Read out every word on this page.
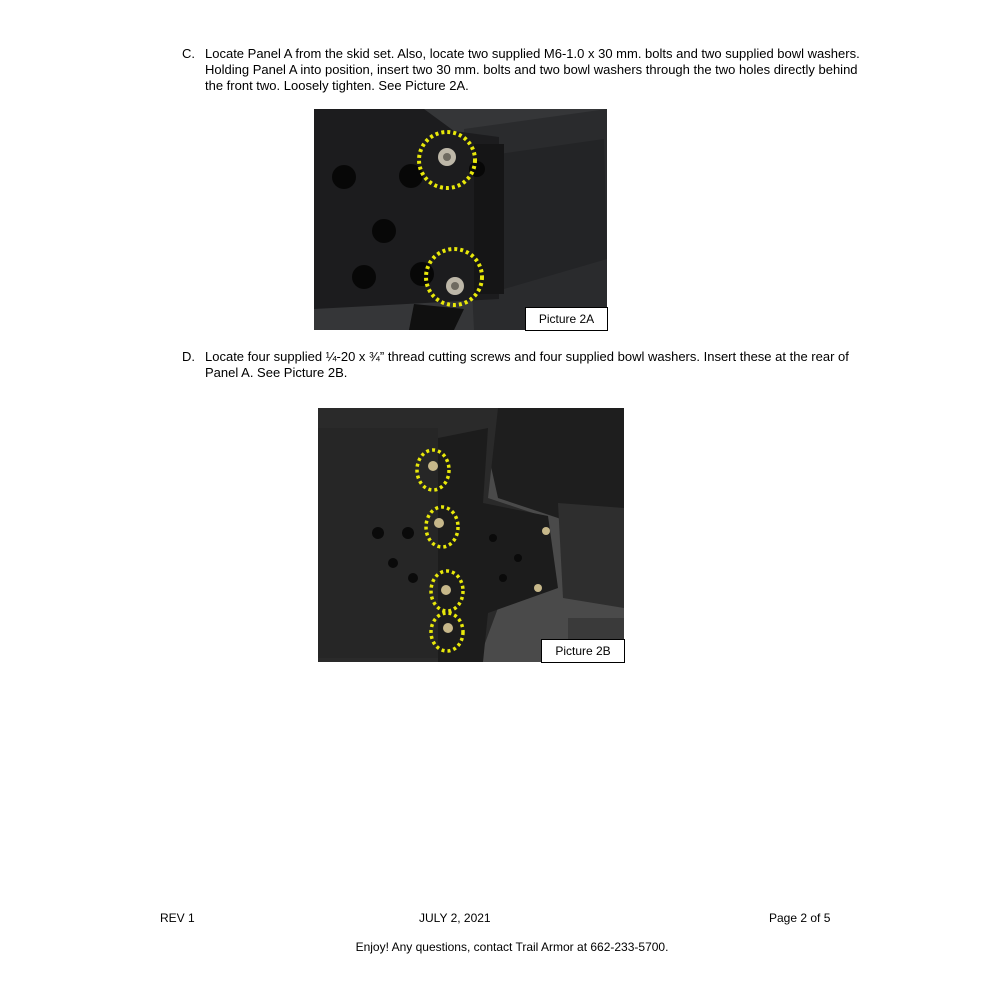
C. Locate Panel A from the skid set. Also, locate two supplied M6-1.0 x 30 mm. bolts and two supplied bowl washers. Holding Panel A into position, insert two 30 mm. bolts and two bowl washers through the two holes directly behind the front two. Loosely tighten. See Picture 2A.
Picture 2A
D. Locate four supplied ¼-20 x ¾” thread cutting screws and four supplied bowl washers. Insert these at the rear of Panel A. See Picture 2B.
Picture 2B
REV 1	JULY 2, 2021	Page 2 of 5
Enjoy! Any questions, contact Trail Armor at 662-233-5700.
